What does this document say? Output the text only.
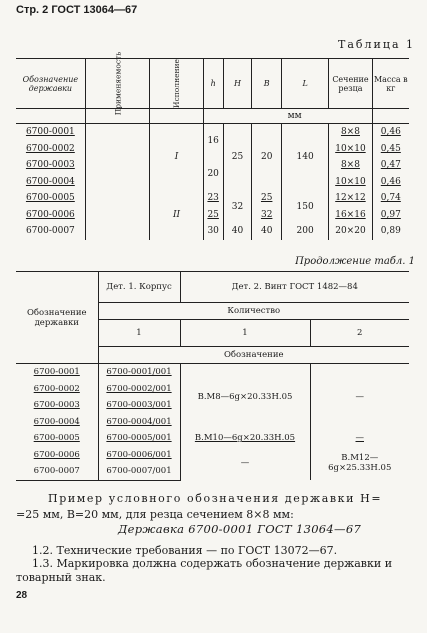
Стр. 2 ГОСТ 13064—67
Таблица 1
Обозначение державки	Применяемость	Исполнение	h	H	B	L	Сечение резца	Масса в кг
			мм					
6700-0001		I	16	25	20	140	8×8	0,46
6700-0002							10×10	0,45
6700-0003			20				8×8	0,47
6700-0004							10×10	0,46
6700-0005		II	23	32	25	150	12×12	0,74
6700-0006			25		32		16×16	0,97
6700-0007			30	40	40	200	20×20	0,89
Продолжение табл. 1
Обозначение державки	Дет. 1. Корпус	Дет. 2. Винт ГОСТ 1482—84	
	Количество		
	1	1	2
	Обозначение		
6700-0001	6700-0001/001	В.М8—6g×20.33Н.05	—
6700-0002	6700-0002/001		
6700-0003	6700-0003/001		
6700-0004	6700-0004/001		
6700-0005	6700-0005/001	В.М10—6g×20.33Н.05	—
6700-0006	6700-0006/001	—	В.М12—6g×25.33Н.05
6700-0007	6700-0007/001		
Пример условного обозначения державки H=
=25 мм, B=20 мм, для резца сечением 8×8 мм:
Державка 6700-0001 ГОСТ 13064—67
1.2. Технические требования — по ГОСТ 13072—67.
1.3. Маркировка должна содержать обозначение державки и
товарный знак.
28
